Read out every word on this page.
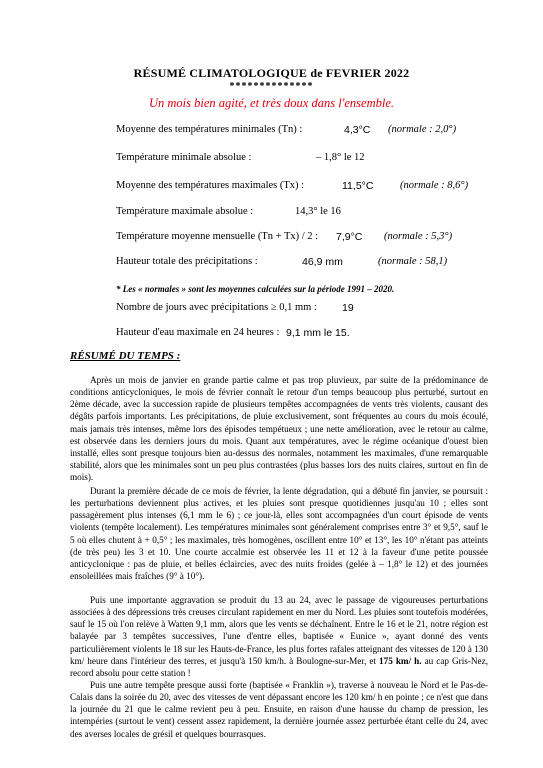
RÉSUMÉ CLIMATOLOGIQUE de FEVRIER 2022
**************
Un mois bien agité, et très doux dans l'ensemble.
Moyenne des températures minimales (Tn) :	4,3°C (normale : 2,0°)
Température minimale absolue :	– 1,8° le 12
Moyenne des températures maximales (Tx) :	11,5°C	(normale : 8,6°)
Température maximale absolue :	14,3° le 16
Température moyenne mensuelle (Tn + Tx) / 2 : 7,9°C (normale : 5,3°)
Hauteur totale des précipitations :	46,9 mm	(normale : 58,1)
* Les « normales » sont les moyennes calculées sur la période 1991 – 2020.
Nombre de jours avec précipitations ≥ 0,1 mm : 19
Hauteur d'eau maximale en 24 heures : 9,1 mm le 15.
RÉSUMÉ DU TEMPS :

Après un mois de janvier en grande partie calme et pas trop pluvieux, par suite de la prédominance de conditions anticycloniques, le mois de février connaît le retour d'un temps beaucoup plus perturbé, surtout en 2ème décade, avec la succession rapide de plusieurs tempêtes accompagnées de vents très violents, causant des dégâts parfois importants. Les précipitations, de pluie exclusivement, sont fréquentes au cours du mois écoulé, mais jamais très intenses, même lors des épisodes tempétueux ; une nette amélioration, avec le retour au calme, est observée dans les derniers jours du mois. Quant aux températures, avec le régime océanique d'ouest bien installé, elles sont presque toujours bien au-dessus des normales, notamment les maximales, d'une remarquable stabilité, alors que les minimales sont un peu plus contrastées (plus basses lors des nuits claires, surtout en fin de mois).

Durant la première décade de ce mois de février, la lente dégradation, qui a débuté fin janvier, se poursuit : les perturbations deviennent plus actives, et les pluies sont presque quotidiennes jusqu'au 10 ; elles sont passagèrement plus intenses (6,1 mm le 6) ; ce jour-là, elles sont accompagnées d'un court épisode de vents violents (tempête localement). Les températures minimales sont généralement comprises entre 3° et 9,5°, sauf le 5 où elles chutent à + 0,5° ; les maximales, très homogènes, oscillent entre 10° et 13°, les 10° n'étant pas atteints (de très peu) les 3 et 10. Une courte accalmie est observée les 11 et 12 à la faveur d'une petite poussée anticyclonique : pas de pluie, et belles éclaircies, avec des nuits froides (gelée à – 1,8° le 12) et des journées ensoleillées mais fraîches (9° à 10°).

Puis une importante aggravation se produit du 13 au 24, avec le passage de vigoureuses perturbations associées à des dépressions très creuses circulant rapidement en mer du Nord. Les pluies sont toutefois modérées, sauf le 15 où l'on relève à Watten 9,1 mm, alors que les vents se déchaînent. Entre le 16 et le 21, notre région est balayée par 3 tempêtes successives, l'une d'entre elles, baptisée « Eunice », ayant donné des vents particulièrement violents le 18 sur les Hauts-de-France, les plus fortes rafales atteignant des vitesses de 120 à 130 km/ heure dans l'intérieur des terres, et jusqu'à 150 km/h. à Boulogne-sur-Mer, et 175 km/ h. au cap Gris-Nez, record absolu pour cette station !

Puis une autre tempête presque aussi forte (baptisée « Franklin »), traverse à nouveau le Nord et le Pas-de-Calais dans la soirée du 20, avec des vitesses de vent dépassant encore les 120 km/ h en pointe ; ce n'est que dans la journée du 21 que le calme revient peu à peu. Ensuite, en raison d'une hausse du champ de pression, les intempéries (surtout le vent) cessent assez rapidement, la dernière journée assez perturbée étant celle du 24, avec des averses locales de grésil et quelques bourrasques.
